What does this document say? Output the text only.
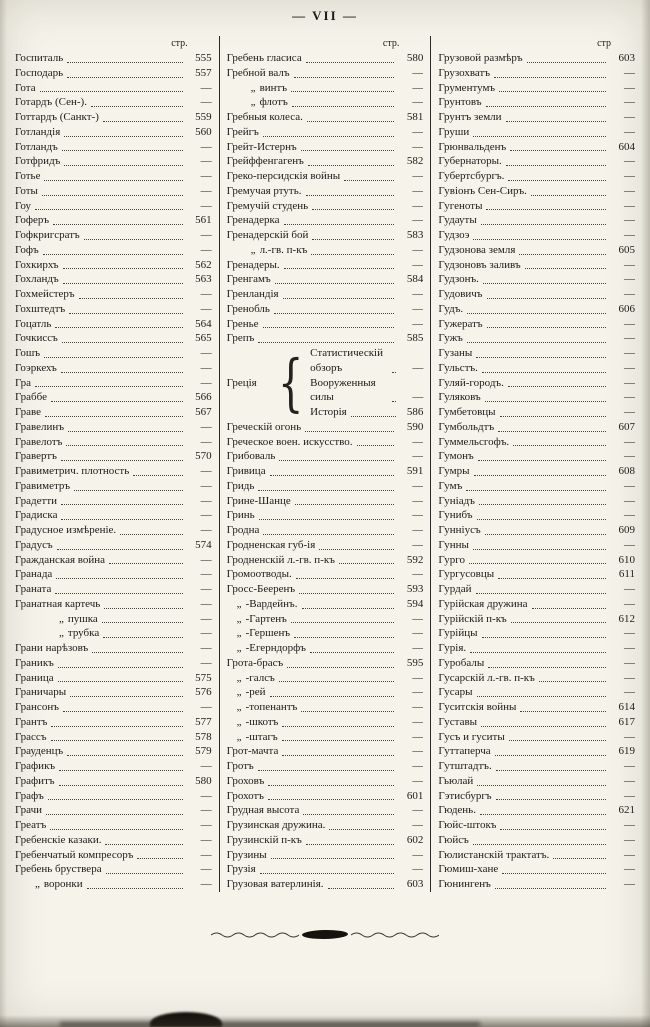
— VII —
стр.
Госпиталь	555
Господарь	557
Гота	—
Готардъ (Сен-).	—
Готтардъ (Санкт-)	559
Готландія	560
Готландъ	—
Готфридъ	—
Готье	—
Готы	—
Гоу	—
Гоферъ	561
Гофкригсратъ	—
Гофъ	—
Гохкирхъ	562
Гохландъ	563
Гохмейстеръ	—
Гохштедтъ	—
Гоцатль	564
Гочкиссъ	565
Гошъ	—
Гоэркехъ	—
Гра	—
Граббе	566
Граве	567
Гравелинъ	—
Гравелотъ	—
Гравертъ	570
Гравиметрич. плотность	—
Гравиметръ	—
Градетти	—
Градиска	—
Градусное измѣреніе.	—
Градусъ	574
Гражданская война	—
Гранада	—
Граната	—
Гранатная картечь	—
„ пушка	—
„ трубка	—
Грани нарѣзовъ	—
Граникъ	—
Граница	575
Граничары	576
Грансонъ	—
Грантъ	577
Грассъ	578
Грауденцъ	579
Графикъ	—
Графитъ	580
Графъ	—
Грачи	—
Греатъ	—
Гребенскіе казаки.	—
Гребенчатый компресоръ	—
Гребень бруствера	—
„ воронки	—
стр.
Гребень гласиса	580
Гребной валъ	—
„ винтъ	—
„ флотъ	—
Гребныя колеса.	581
Грейгъ	—
Грейт-Истернъ	—
Грейффенгагенъ	582
Греко-персидскія войны	—
Гремучая ртуть.	—
Гремучій студень	—
Гренадерка	—
Гренадерскій бой	583
„ л.-гв. п-къ	—
Гренадеры.	—
Гренгамъ	584
Гренландія	—
Гренобль	—
Гренье	—
Грепъ	585
Греція { Статистическій обзоръ	—
Вооруженныя силы	—
Исторія	586
Греческій огонь	590
Греческое воен. искусство.	—
Грибоваль	—
Гривица	591
Гридь	—
Грине-Шанце	—
Гринь	—
Гродна	—
Гродненская губ-ія	—
Гродненскій л.-гв. п-къ	592
Громоотводы.	—
Гросс-Бееренъ	593
„ -Вардейнъ.	594
„ -Гартенъ	—
„ -Гершенъ	—
„ -Егерндорфъ	—
Грота-брасъ	595
„ -галсъ	—
„ -рей	—
„ -топенантъ	—
„ -шкотъ	—
„ -штагъ	—
Грот-мачта	—
Гротъ	—
Гроховъ	—
Грохотъ	601
Грудная высота	—
Грузинская дружина.	—
Грузинскій п-къ	602
Грузины	—
Грузія	—
Грузовая ватерлинія.	603
стр
Грузовой размѣръ	603
Грузохватъ	—
Грументумъ	—
Грунтовъ	—
Грунтъ земли	—
Груши	—
Грюнвальденъ	604
Губернаторы.	—
Губертсбургъ.	—
Гувіонъ Сен-Сиръ.	—
Гугеноты	—
Гудауты	—
Гудзоэ	—
Гудзонова земля	605
Гудзоновъ заливъ	—
Гудзонъ.	—
Гудовичъ	—
Гудъ.	606
Гужератъ	—
Гужъ	—
Гузаны	—
Гульстъ.	—
Гуляй-городъ.	—
Гуляковъ	—
Гумбетовцы	—
Гумбольдтъ	607
Гуммельсгофъ.	—
Гумонъ	—
Гумры	608
Гумъ	—
Гуніадъ	—
Гунибъ	—
Гунніусъ	609
Гунны	—
Гурго	610
Гургусовцы	611
Гурдай	—
Гурійская дружина	—
Гурійскій п-къ	612
Гурійцы	—
Гурія.	—
Гуробалы	—
Гусарскій л.-гв. п-къ	—
Гусары	—
Гуситскія войны	614
Густавы	617
Гусъ и гуситы	—
Гуттаперча	619
Гутштадтъ.	—
Гьюлай	—
Гэтисбургъ	—
Гюдень.	621
Гюйс-штокъ	—
Гюйсъ	—
Гюлистанскій трактатъ.	—
Гюмиш-хане	—
Гюнингенъ	—
